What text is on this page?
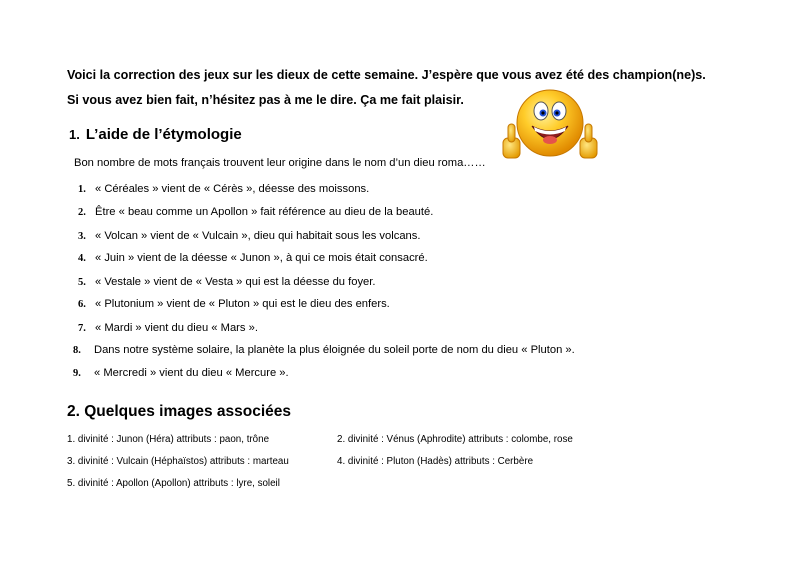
Voici la correction des jeux sur les dieux de cette semaine. J’espère que vous avez été des champion(ne)s.
Si vous avez bien fait, n’hésitez pas à me le dire. Ça me fait plaisir.
1. L’aide de l’étymologie
Bon nombre de mots français trouvent leur origine dans le nom d’un dieu roma……
1. « Céréales » vient de « Cérès », déesse des moissons.
2. Être « beau comme un Apollon » fait référence au dieu de la beauté.
3. « Volcan » vient de « Vulcain », dieu qui habitait sous les volcans.
4. « Juin » vient de la déesse « Junon », à qui ce mois était consacré.
5. « Vestale » vient de « Vesta » qui est la déesse du foyer.
6. « Plutonium » vient de « Pluton » qui est le dieu des enfers.
7. « Mardi » vient du dieu « Mars ».
8. Dans notre système solaire, la planète la plus éloignée du soleil porte de nom du dieu « Pluton ».
9. « Mercredi » vient du dieu « Mercure ».
2. Quelques images associées
1. divinité : Junon (Héra) attributs : paon, trône	2. divinité : Vénus (Aphrodite) attributs : colombe, rose
3. divinité : Vulcain (Héphaïstos) attributs : marteau	4. divinité : Pluton (Hadès) attributs : Cerbère
5. divinité : Apollon (Apollon) attributs : lyre, soleil
